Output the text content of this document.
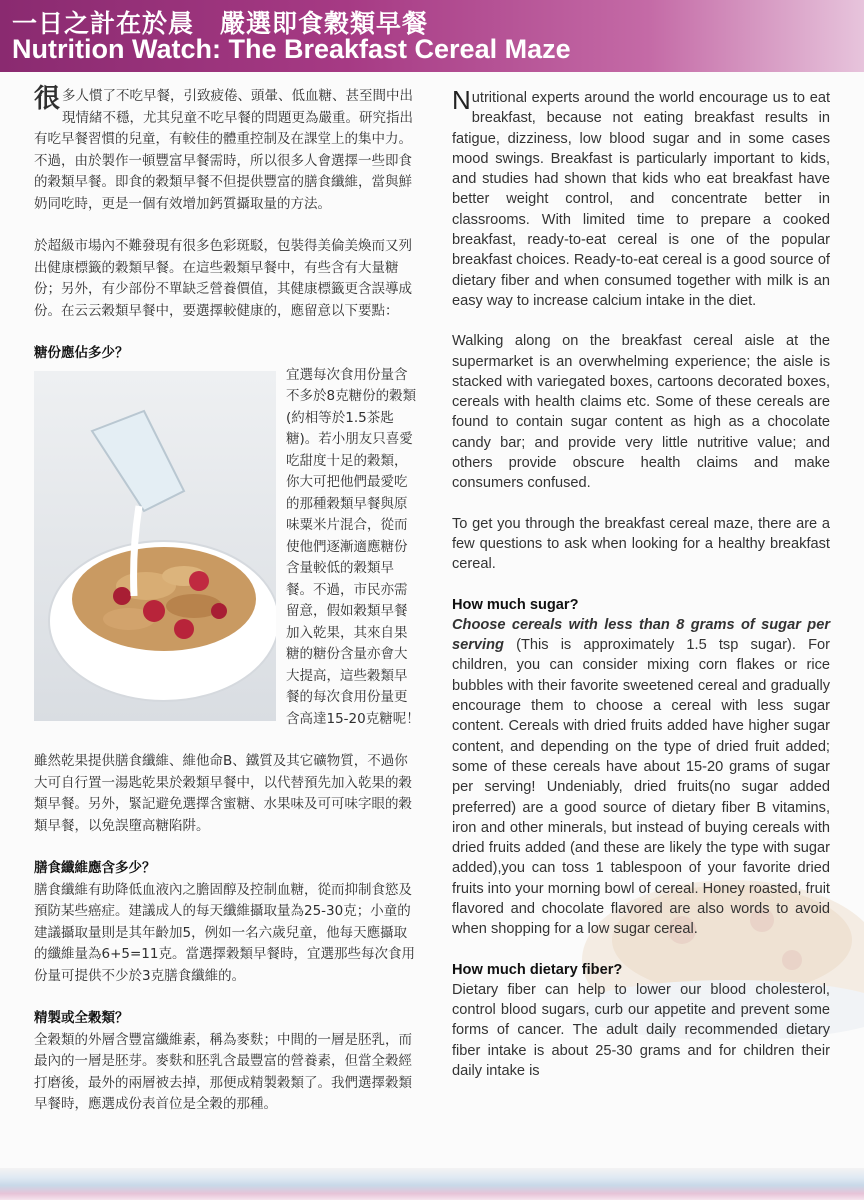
一日之計在於晨　嚴選即食穀類早餐
Nutrition Watch: The Breakfast Cereal Maze

很多人慣了不吃早餐，引致疲倦、頭暈、低血糖、甚至間中出現情緒不穩，尤其兒童不吃早餐的問題更為嚴重。研究指出有吃早餐習慣的兒童，有較佳的體重控制及在課堂上的集中力。不過，由於製作一頓豐富早餐需時，所以很多人會選擇一些即食的穀類早餐。即食的穀類早餐不但提供豐富的膳食纖維，當與鮮奶同吃時，更是一個有效增加鈣質攝取量的方法。

於超級市場內不難發現有很多色彩斑駁，包裝得美倫美煥而又列出健康標籤的穀類早餐。在這些穀類早餐中，有些含有大量糖份；另外，有少部份不單缺乏營養價值，其健康標籤更含誤導成份。在云云穀類早餐中，要選擇較健康的，應留意以下要點：

糖份應佔多少？

宜選每次食用份量含不多於8克糖份的穀類(約相等於1.5茶匙糖)。若小朋友只喜愛吃甜度十足的穀類，你大可把他們最愛吃的那種穀類早餐與原味粟米片混合，從而使他們逐漸適應糖份含量較低的穀類早餐。不過，市民亦需留意，假如穀類早餐加入乾果，其來自果糖的糖份含量亦會大大提高，這些穀類早餐的每次食用份量更含高達15-20克糖呢！

雖然乾果提供膳食纖維、維他命B、鐵質及其它礦物質，不過你大可自行置一湯匙乾果於穀類早餐中，以代替預先加入乾果的穀類早餐。另外，緊記避免選擇含蜜糖、水果味及可可味字眼的穀類早餐，以免誤墮高糖陷阱。

膳食纖維應含多少？

膳食纖維有助降低血液內之膽固醇及控制血糖，從而抑制食慾及預防某些癌症。建議成人的每天纖維攝取量為25-30克；小童的建議攝取量則是其年齡加5，例如一名六歲兒童，他每天應攝取的纖維量為6+5=11克。當選擇穀類早餐時，宜選那些每次食用份量可提供不少於3克膳食纖維的。

精製或全穀類？

全穀類的外層含豐富纖維素，稱為麥麩；中間的一層是胚乳，而最內的一層是胚芽。麥麩和胚乳含最豐富的營養素，但當全穀經打磨後，最外的兩層被去掉，那便成精製穀類了。我們選擇穀類早餐時，應選成份表首位是全穀的那種。

Nutritional experts around the world encourage us to eat breakfast, because not eating breakfast results in fatigue, dizziness, low blood sugar and in some cases mood swings. Breakfast is particularly important to kids, and studies had shown that kids who eat breakfast have better weight control, and concentrate better in classrooms. With limited time to prepare a cooked breakfast, ready-to-eat cereal is one of the popular breakfast choices. Ready-to-eat cereal is a good source of dietary fiber and when consumed together with milk is an easy way to increase calcium intake in the diet.

Walking along on the breakfast cereal aisle at the supermarket is an overwhelming experience; the aisle is stacked with variegated boxes, cartoons decorated boxes, cereals with health claims etc. Some of these cereals are found to contain sugar content as high as a chocolate candy bar; and provide very little nutritive value; and others provide obscure health claims and make consumers confused.

To get you through the breakfast cereal maze, there are a few questions to ask when looking for a healthy breakfast cereal.

How much sugar?

Choose cereals with less than 8 grams of sugar per serving (This is approximately 1.5 tsp sugar). For children, you can consider mixing corn flakes or rice bubbles with their favorite sweetened cereal and gradually encourage them to choose a cereal with less sugar content. Cereals with dried fruits added have higher sugar content, and depending on the type of dried fruit added; some of these cereals have about 15-20 grams of sugar per serving! Undeniably, dried fruits(no sugar added preferred) are a good source of dietary fiber B vitamins, iron and other minerals, but instead of buying cereals with dried fruits added (and these are likely the type with sugar added),you can toss 1 tablespoon of your favorite dried fruits into your morning bowl of cereal. Honey roasted, fruit flavored and chocolate flavored are also words to avoid when shopping for a low sugar cereal.

How much dietary fiber?

Dietary fiber can help to lower our blood cholesterol, control blood sugars, curb our appetite and prevent some forms of cancer. The adult daily recommended dietary fiber intake is about 25-30 grams and for children their daily intake is
